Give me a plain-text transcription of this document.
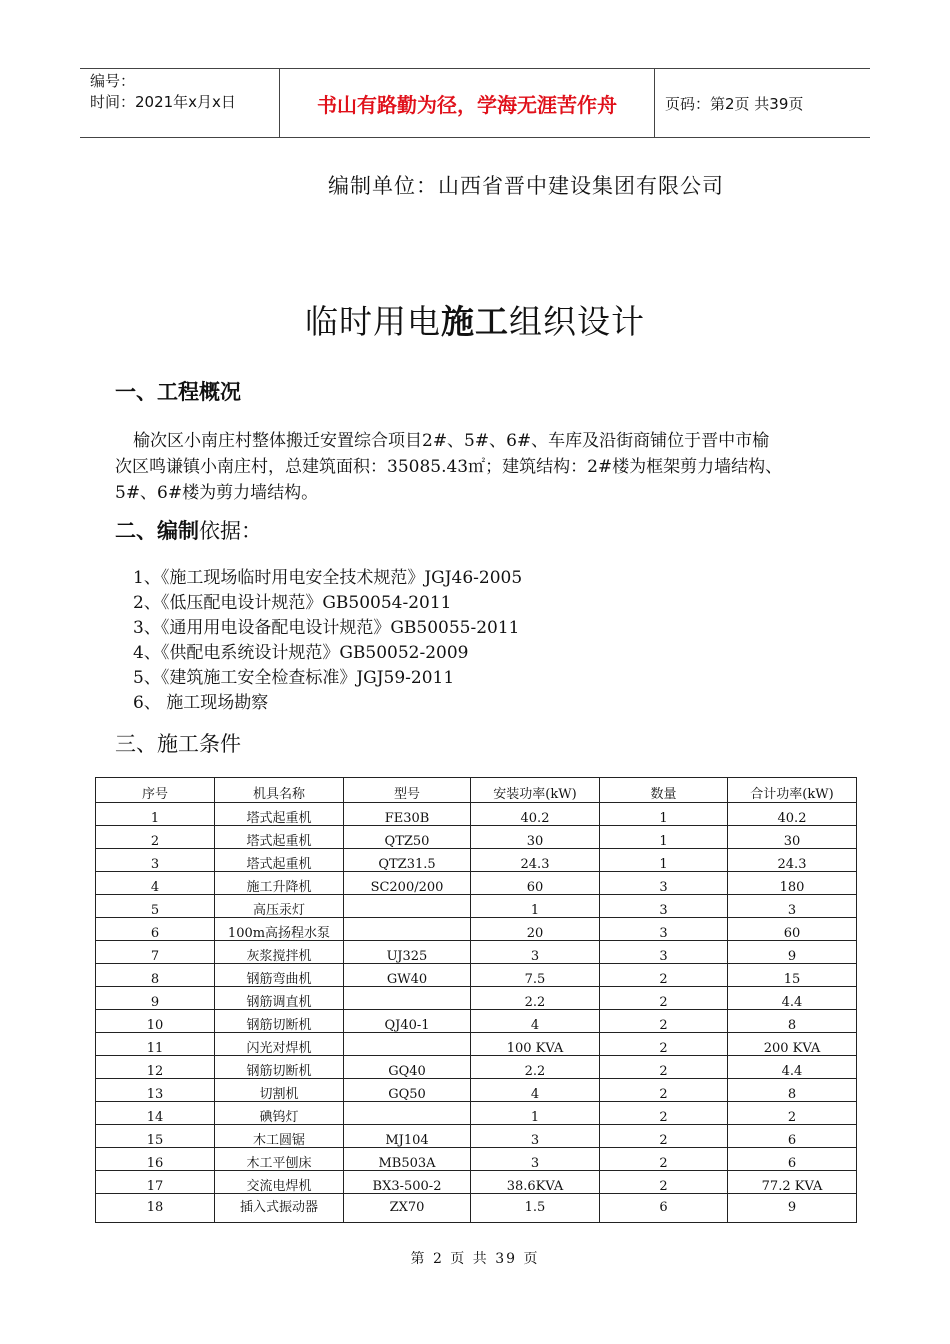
编号：
时间：2021年x月x日	书山有路勤为径，学海无涯苦作舟	页码：第2页 共39页
编制单位：山西省晋中建设集团有限公司
临时用电施工组织设计
一、工程概况
榆次区小南庄村整体搬迁安置综合项目2#、5#、6#、车库及沿街商铺位于晋中市榆
次区鸣谦镇小南庄村，总建筑面积：35085.43㎡；建筑结构：2#楼为框架剪力墙结构、
5#、6#楼为剪力墙结构。
二、编制依据：
1、《施工现场临时用电安全技术规范》JGJ46-2005
2、《低压配电设计规范》GB50054-2011
3、《通用用电设备配电设计规范》GB50055-2011
4、《供配电系统设计规范》GB50052-2009
5、《建筑施工安全检查标准》JGJ59-2011
6、 施工现场勘察
三、施工条件
序号	机具名称	型号	安装功率(kW)	数量	合计功率(kW)
1	塔式起重机	FE30B	40.2	1	40.2
2	塔式起重机	QTZ50	30	1	30
3	塔式起重机	QTZ31.5	24.3	1	24.3
4	施工升降机	SC200/200	60	3	180
5	高压汞灯		1	3	3
6	100m高扬程水泵		20	3	60
7	灰浆搅拌机	UJ325	3	3	9
8	钢筋弯曲机	GW40	7.5	2	15
9	钢筋调直机		2.2	2	4.4
10	钢筋切断机	QJ40-1	4	2	8
11	闪光对焊机		100 KVA	2	200 KVA
12	钢筋切断机	GQ40	2.2	2	4.4
13	切割机	GQ50	4	2	8
14	碘钨灯		1	2	2
15	木工圆锯	MJ104	3	2	6
16	木工平刨床	MB503A	3	2	6
17	交流电焊机	BX3-500-2	38.6KVA	2	77.2 KVA
18	插入式振动器	ZX70	1.5	6	9
第 2 页 共 39 页
